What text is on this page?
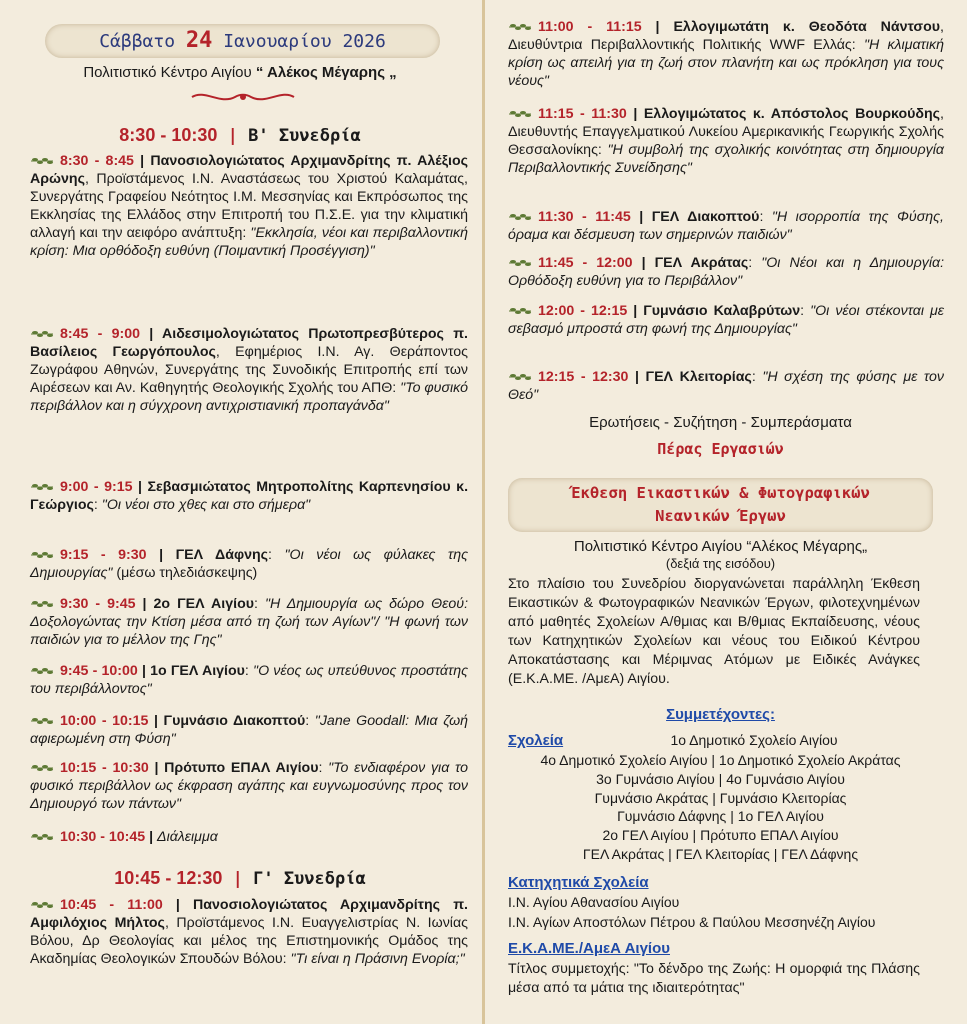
Cάββατο 24 Ιανουαρίου 2026
Πολιτιστικό Κέντρο Αιγίου “ Αλέκος Μέγαρης „
8:30 - 10:30 | Β' Συνεδρία
10:45 - 12:30 | Γ' Συνεδρία
Ερωτήσεις - Συζήτηση - Συμπεράσματα
Πέρας Εργασιών
Έκθεση Εικαστικών & Φωτογραφικών
Νεανικών Έργων
Πολιτιστικό Κέντρο Αιγίου “Αλέκος Μέγαρης„
(δεξιά της εισόδου)
Στο πλαίσιο του Συνεδρίου διοργανώνεται παράλληλη Έκθεση Εικαστικών & Φωτογραφικών Νεανικών Έργων, φιλοτεχνημένων από μαθητές Σχολείων Α/θμιας και Β/θμιας Εκπαίδευσης, νέους των Κατηχητικών Σχολείων και νέους του Ειδικού Κέντρου Αποκατάστασης και Μέριμνας Ατόμων με Ειδικές Ανάγκες (Ε.Κ.Α.ΜΕ. /ΑμεΑ) Αιγίου.
Συμμετέχοντες:
Σχολεία
Κατηχητικά Σχολεία
Ι.Ν. Αγίου Αθανασίου Αιγίου
Ι.Ν. Αγίων Αποστόλων Πέτρου & Παύλου Μεσσηνέζη Αιγίου
Ε.Κ.Α.ΜΕ./ΑμεΑ Αιγίου
Τίτλος συμμετοχής: "Το δένδρο της Ζωής: Η ομορφιά της Πλάσης μέσα από τα μάτια της ιδιαιτερότητας"
8:30 - 8:45 | Πανοσιολογιώτατος Αρχιμανδρίτης π. Αλέξιος Αρώνης, Προϊστάμενος Ι.Ν. Αναστάσεως του Χριστού Καλαμάτας, Συνεργάτης Γραφείου Νεότητος Ι.Μ. Μεσσηνίας και Εκπρόσωπος της Εκκλησίας της Ελλάδος στην Επιτροπή του Π.Σ.Ε. για την κλιματική αλλαγή και την αειφόρο ανάπτυξη: "Εκκλησία, νέοι και περιβαλλοντική κρίση: Μια ορθόδοξη ευθύνη (Ποιμαντική Προσέγγιση)"
8:45 - 9:00 | Αιδεσιμολογιώτατος Πρωτοπρεσβύτερος π. Βασίλειος Γεωργόπουλος, Εφημέριος Ι.Ν. Αγ. Θεράποντος Ζωγράφου Αθηνών, Συνεργάτης της Συνοδικής Επιτροπής επί των Αιρέσεων και Αν. Καθηγητής Θεολογικής Σχολής του ΑΠΘ: "Το φυσικό περιβάλλον και η σύγχρονη αντιχριστιανική προπαγάνδα"
9:00 - 9:15 | Σεβασμιώτατος Μητροπολίτης Καρπενησίου κ. Γεώργιος: "Οι νέοι στο χθες και στο σήμερα"
9:15 - 9:30 | ΓΕΛ Δάφνης: "Οι νέοι ως φύλακες της Δημιουργίας" (μέσω τηλεδιάσκεψης)
9:30 - 9:45 | 2ο ΓΕΛ Αιγίου: "Η Δημιουργία ως δώρο Θεού: Δοξολογώντας την Κτίση μέσα από τη ζωή των Αγίων"/ "Η φωνή των παιδιών για το μέλλον της Γης"
9:45 - 10:00 | 1ο ΓΕΛ Αιγίου: "Ο νέος ως υπεύθυνος προστάτης του περιβάλλοντος"
10:00 - 10:15 | Γυμνάσιο Διακοπτού: "Jane Goodall: Μια ζωή αφιερωμένη στη Φύση"
10:15 - 10:30 | Πρότυπο ΕΠΑΛ Αιγίου: "Το ενδιαφέρον για το φυσικό περιβάλλον ως έκφραση αγάπης και ευγνωμοσύνης προς τον Δημιουργό των πάντων"
10:30 - 10:45 | Διάλειμμα
10:45 - 11:00 | Πανοσιολογιώτατος Αρχιμανδρίτης π. Αμφιλόχιος Μήλτος, Προϊστάμενος Ι.Ν. Ευαγγελιστρίας Ν. Ιωνίας Βόλου, Δρ Θεολογίας και μέλος της Επιστημονικής Ομάδος της Ακαδημίας Θεολογικών Σπουδών Βόλου: "Τι είναι η Πράσινη Ενορία;"
11:00 - 11:15 | Ελλογιμωτάτη κ. Θεοδότα Νάντσου, Διευθύντρια Περιβαλλοντικής Πολιτικής WWF Ελλάς: "Η κλιματική κρίση ως απειλή για τη ζωή στον πλανήτη και ως πρόκληση για τους νέους"
11:15 - 11:30 | Ελλογιμώτατος κ. Απόστολος Βουρκούδης, Διευθυντής Επαγγελματικού Λυκείου Αμερικανικής Γεωργικής Σχολής Θεσσαλονίκης: "Η συμβολή της σχολικής κοινότητας στη δημιουργία Περιβαλλοντικής Συνείδησης"
11:30 - 11:45 | ΓΕΛ Διακοπτού: "Η ισορροπία της Φύσης, όραμα και δέσμευση των σημερινών παιδιών"
11:45 - 12:00 | ΓΕΛ Ακράτας: "Οι Νέοι και η Δημιουργία: Ορθόδοξη ευθύνη για το Περιβάλλον"
12:00 - 12:15 | Γυμνάσιο Καλαβρύτων: "Οι νέοι στέκονται με σεβασμό μπροστά στη φωνή της Δημιουργίας"
12:15 - 12:30 | ΓΕΛ Κλειτορίας: "Η σχέση της φύσης με τον Θεό"
1ο Δημοτικό Σχολείο Αιγίου
4ο Δημοτικό Σχολείο Αιγίου | 1ο Δημοτικό Σχολείο Ακράτας
3ο Γυμνάσιο Αιγίου | 4ο Γυμνάσιο Αιγίου
Γυμνάσιο Ακράτας | Γυμνάσιο Κλειτορίας
Γυμνάσιο Δάφνης | 1ο ΓΕΛ Αιγίου
2ο ΓΕΛ Αιγίου | Πρότυπο ΕΠΑΛ Αιγίου
ΓΕΛ Ακράτας | ΓΕΛ Κλειτορίας | ΓΕΛ Δάφνης
